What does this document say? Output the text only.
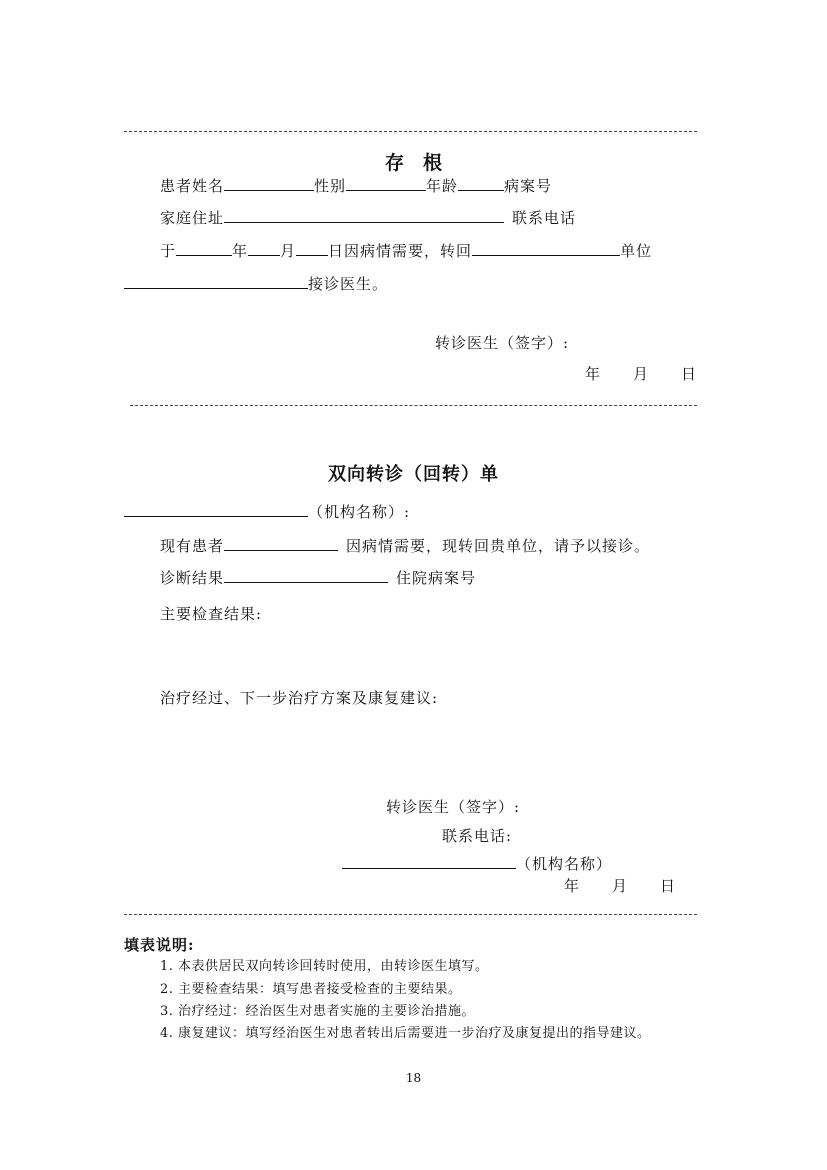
存　根
患者姓名	性别	年龄	病案号
家庭住址	联系电话
于	年 月 日因病情需要，转回	单位
接诊医生。
转诊医生（签字）:
年　　月　　日
双向转诊（回转）单
（机构名称）:
现有患者	因病情需要，现转回贵单位，请予以接诊。
诊断结果	住院病案号
主要检查结果:
治疗经过、下一步治疗方案及康复建议:
转诊医生（签字）:
联系电话:
（机构名称）
年　　月　　日
填表说明:
1. 本表供居民双向转诊回转时使用，由转诊医生填写。
2. 主要检查结果：填写患者接受检查的主要结果。
3. 治疗经过：经治医生对患者实施的主要诊治措施。
4. 康复建议：填写经治医生对患者转出后需要进一步治疗及康复提出的指导建议。
18
